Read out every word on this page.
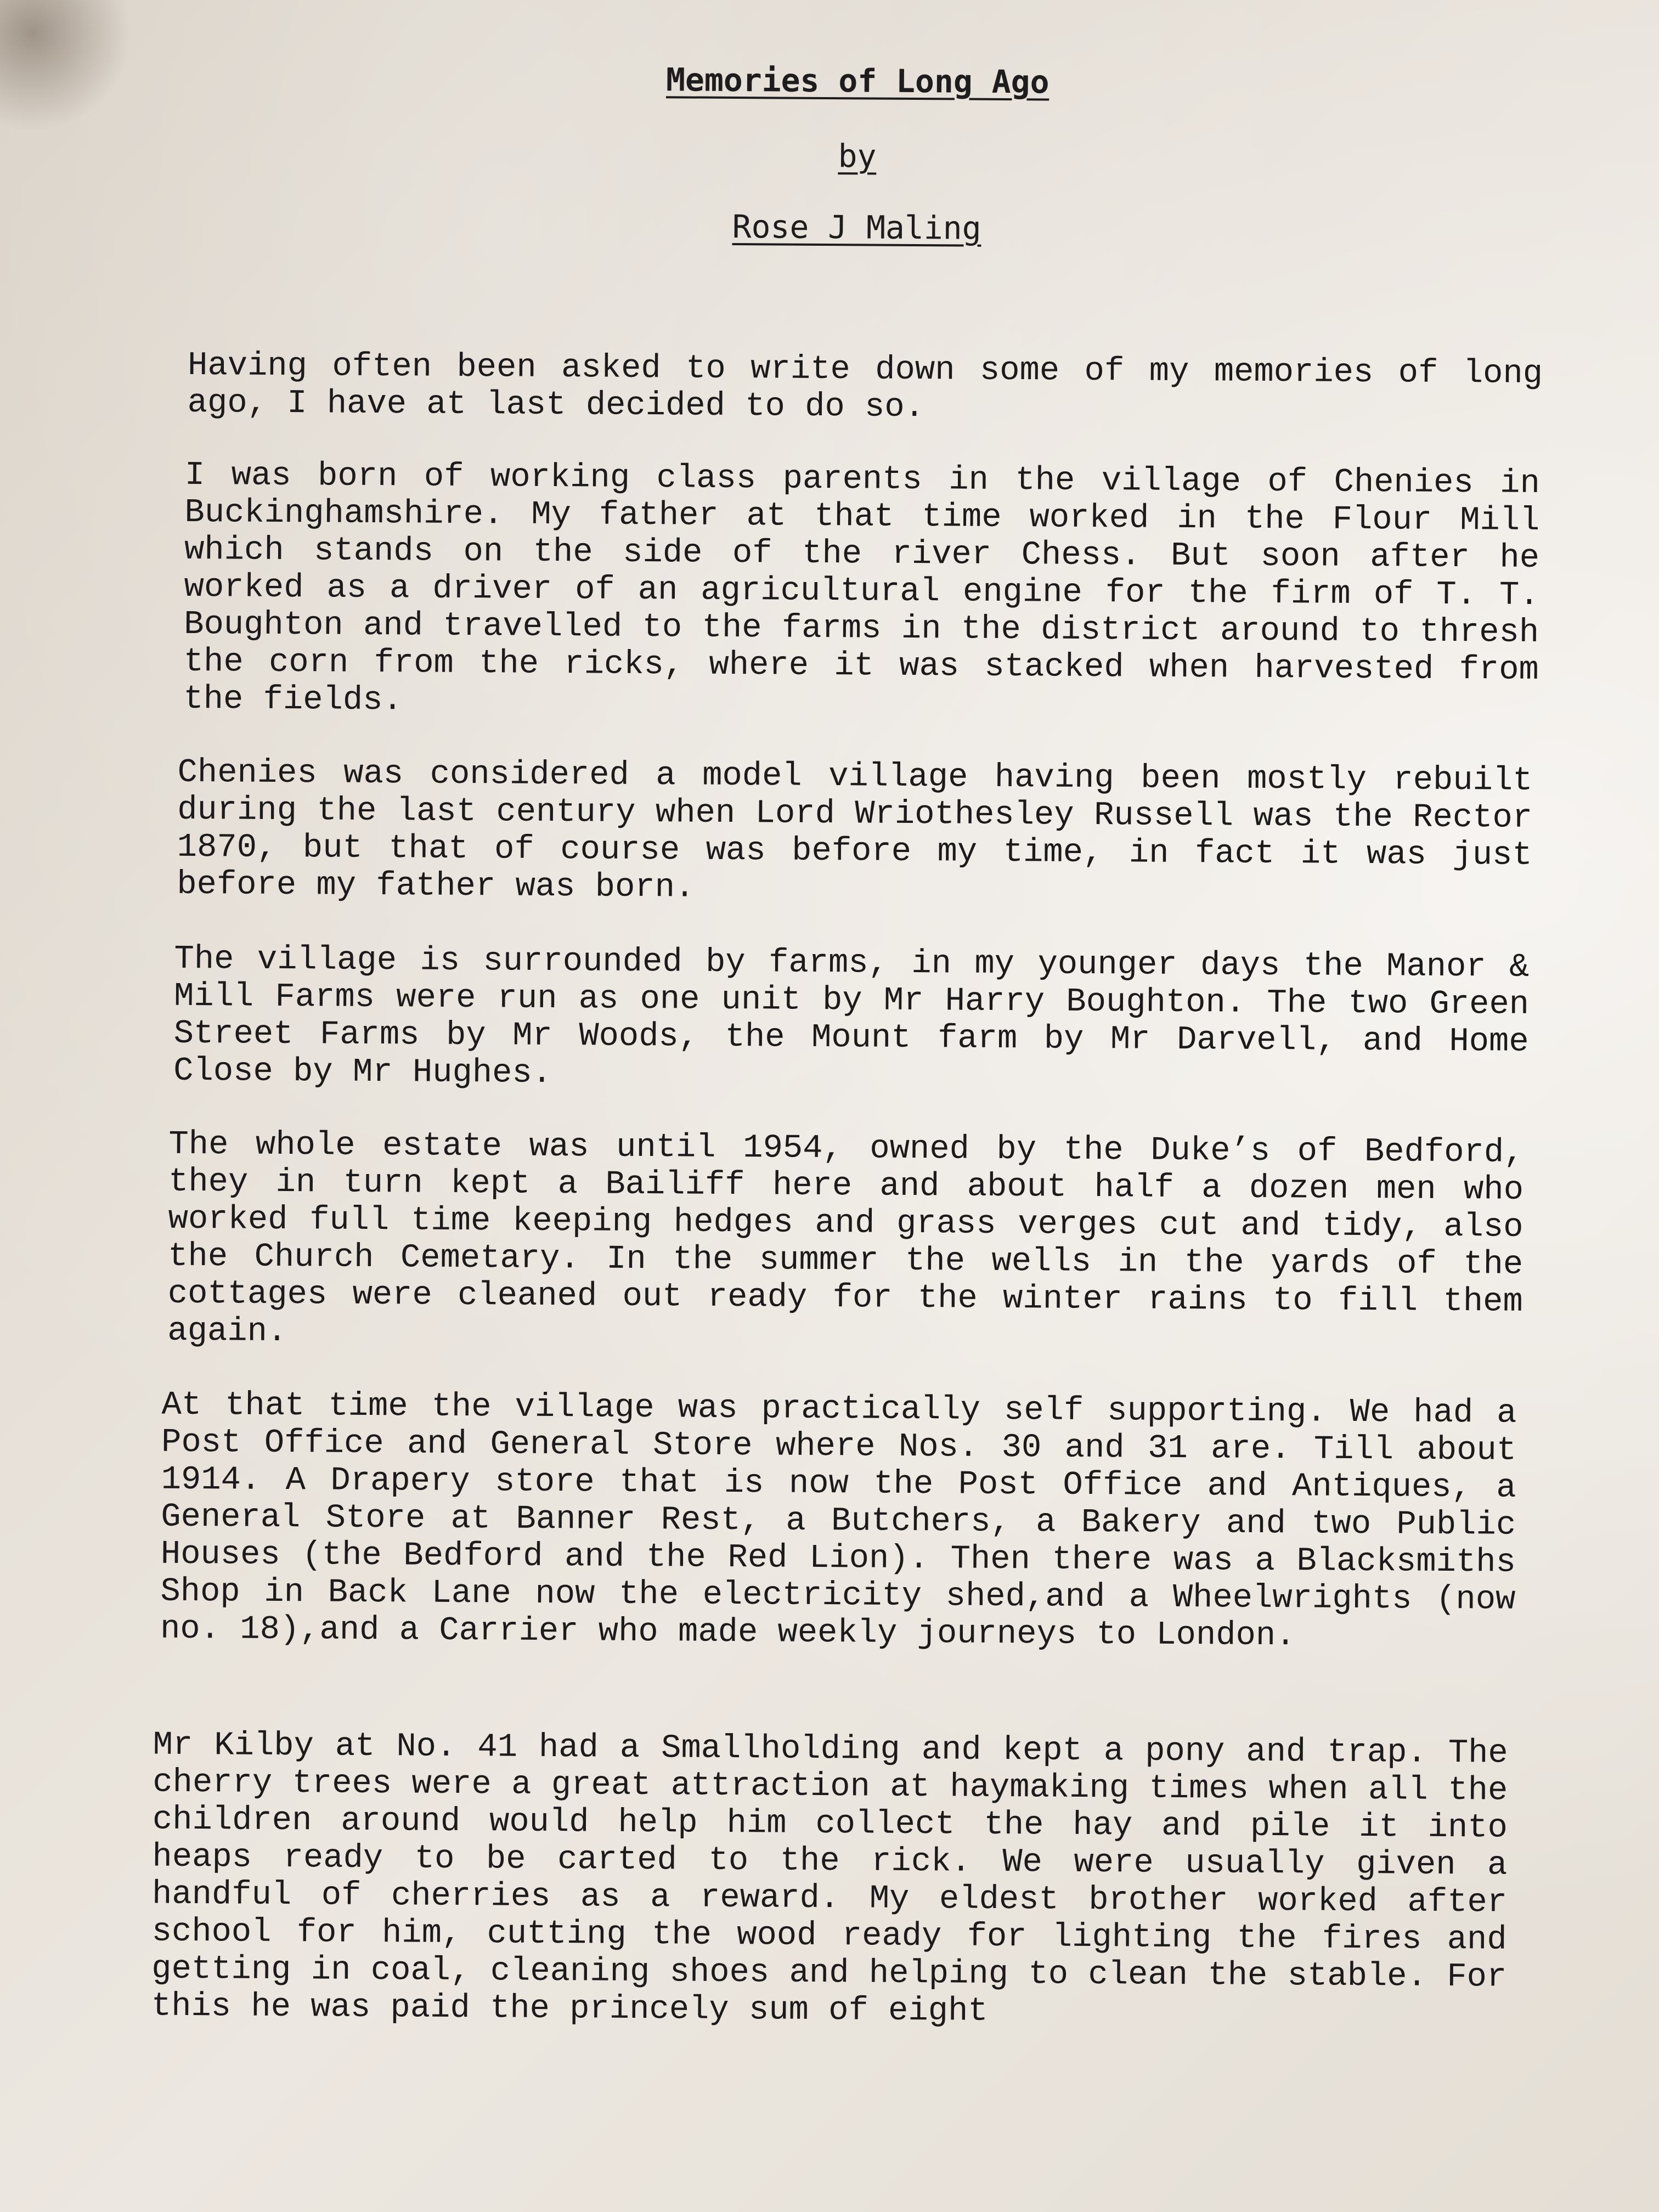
Memories of Long Ago
by
Rose J Maling

Having often been asked to write down some of my memories of long ago, I have at last decided to do so.

I was born of working class parents in the village of Chenies in Buckinghamshire. My father at that time worked in the Flour Mill which stands on the side of the river Chess. But soon after he worked as a driver of an agricultural engine for the firm of T. T. Boughton and travelled to the farms in the district around to thresh the corn from the ricks, where it was stacked when harvested from the fields.

Chenies was considered a model village having been mostly rebuilt during the last century when Lord Wriothesley Russell was the Rector 1870, but that of course was before my time, in fact it was just before my father was born.

The village is surrounded by farms, in my younger days the Manor & Mill Farms were run as one unit by Mr Harry Boughton. The two Green Street Farms by Mr Woods, the Mount farm by Mr Darvell, and Home Close by Mr Hughes.

The whole estate was until 1954, owned by the Duke’s of Bedford, they in turn kept a Bailiff here and about half a dozen men who worked full time keeping hedges and grass verges cut and tidy, also the Church Cemetary. In the summer the wells in the yards of the cottages were cleaned out ready for the winter rains to fill them again.

At that time the village was practically self supporting. We had a Post Office and General Store where Nos. 30 and 31 are. Till about 1914. A Drapery store that is now the Post Office and Antiques, a General Store at Banner Rest, a Butchers, a Bakery and two Public Houses (the Bedford and the Red Lion). Then there was a Blacksmiths Shop in Back Lane now the electricity shed,and a Wheelwrights (now no. 18),and a Carrier who made weekly journeys to London.

Mr Kilby at No. 41 had a Smallholding and kept a pony and trap. The cherry trees were a great attraction at haymaking times when all the children around would help him collect the hay and pile it into heaps ready to be carted to the rick. We were usually given a handful of cherries as a reward. My eldest brother worked after school for him, cutting the wood ready for lighting the fires and getting in coal, cleaning shoes and helping to clean the stable. For this he was paid the princely sum of eight
